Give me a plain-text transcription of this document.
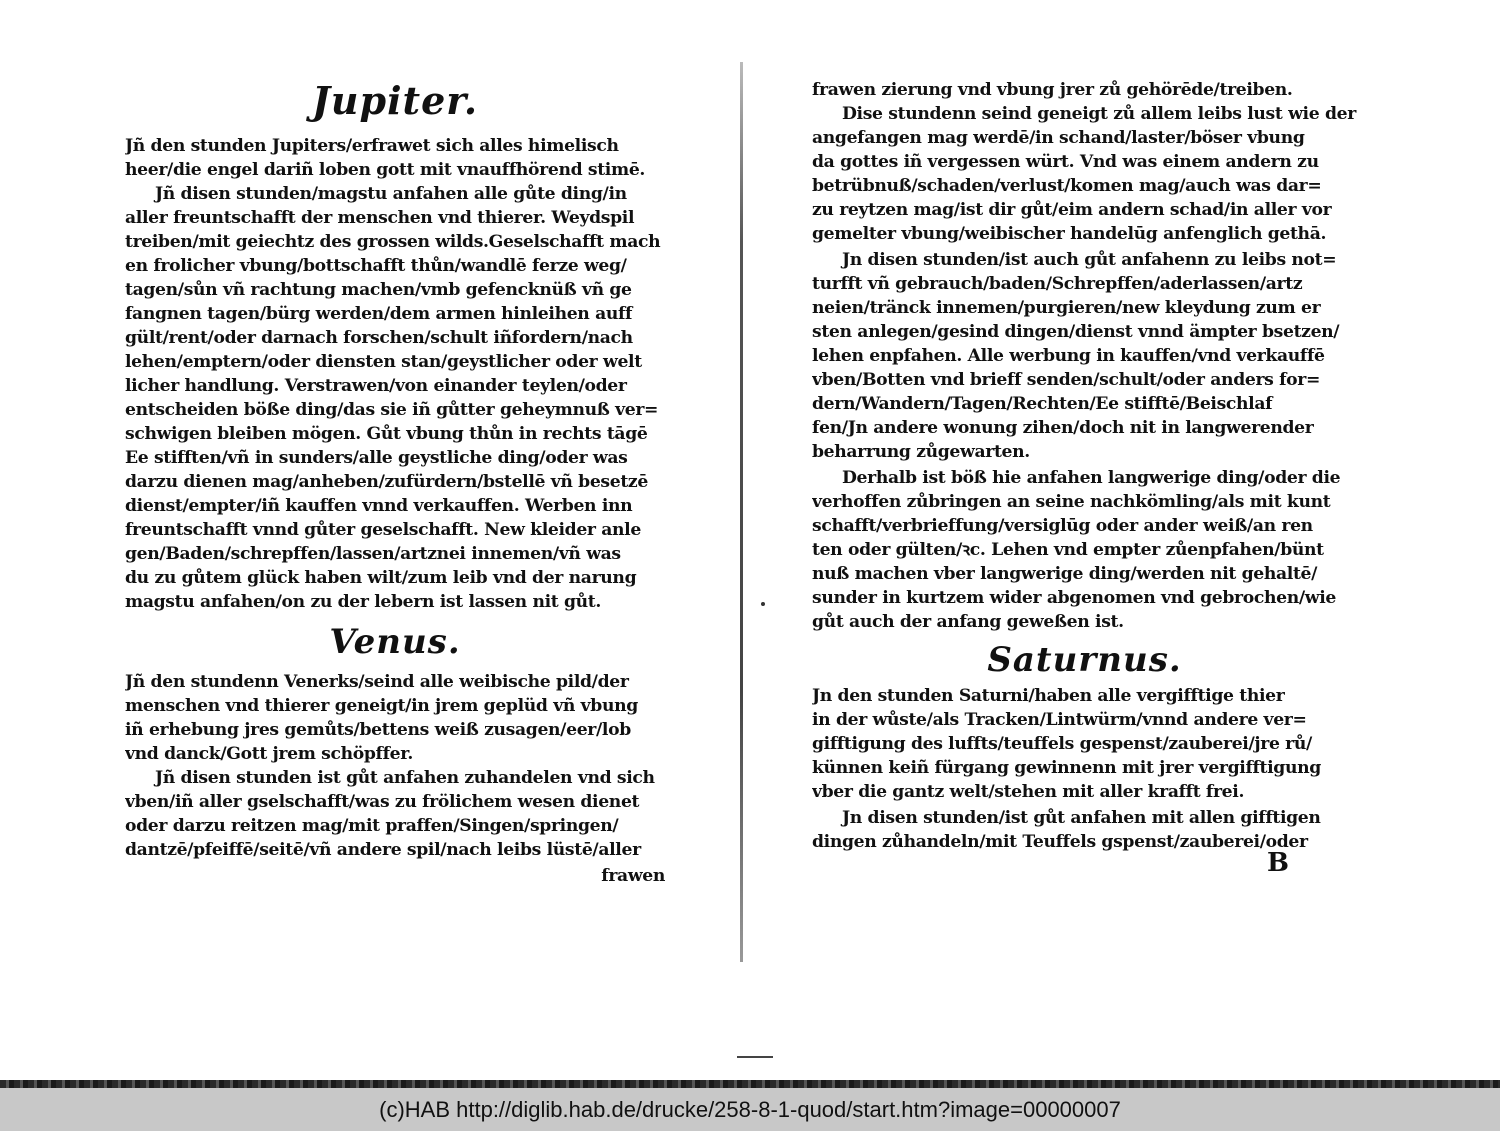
Jupiter.
Jñ den stunden Jupiters/erfrawet sich alles himelisch
heer/die engel dariñ loben gott mit vnauffhörend stimē.
Jñ disen stunden/magstu anfahen alle gůte ding/in
aller freuntschafft der menschen vnd thierer. Weydspil
treiben/mit geiechtz des grossen wilds.Geselschafft mach
en frolicher vbung/bottschafft thůn/wandlē ferze weg/
tagen/sůn vñ rachtung machen/vmb gefencknüß vñ ge
fangnen tagen/bürg werden/dem armen hinleihen auff
gült/rent/oder darnach forschen/schult iñfordern/nach
lehen/emptern/oder diensten stan/geystlicher oder welt
licher handlung. Verstrawen/von einander teylen/oder
entscheiden böße ding/das sie iñ gůtter geheymnuß ver=
schwigen bleiben mögen. Gůt vbung thůn in rechts tāgē
Ee stifften/vñ in sunders/alle geystliche ding/oder was
darzu dienen mag/anheben/zufürdern/bstellē vñ besetzē
dienst/empter/iñ kauffen vnnd verkauffen. Werben inn
freuntschafft vnnd gůter geselschafft. New kleider anle
gen/Baden/schrepffen/lassen/artznei innemen/vñ was
du zu gůtem glück haben wilt/zum leib vnd der narung
magstu anfahen/on zu der lebern ist lassen nit gůt.
Venus.
Jñ den stundenn Venerks/seind alle weibische pild/der
menschen vnd thierer geneigt/in jrem geplüd vñ vbung
iñ erhebung jres gemůts/bettens weiß zusagen/eer/lob
vnd danck/Gott jrem schöpffer.
Jñ disen stunden ist gůt anfahen zuhandelen vnd sich
vben/iñ aller gselschafft/was zu frölichem wesen dienet
oder darzu reitzen mag/mit praffen/Singen/springen/
dantzē/pfeiffē/seitē/vñ andere spil/nach leibs lüstē/aller
frawen
frawen zierung vnd vbung jrer zů gehörēde/treiben.
Dise stundenn seind geneigt zů allem leibs lust wie der
angefangen mag werdē/in schand/laster/böser vbung
da gottes iñ vergessen würt. Vnd was einem andern zu
betrübnuß/schaden/verlust/komen mag/auch was dar=
zu reytzen mag/ist dir gůt/eim andern schad/in aller vor
gemelter vbung/weibischer handelūg anfenglich gethā.
Jn disen stunden/ist auch gůt anfahenn zu leibs not=
turfft vñ gebrauch/baden/Schrepffen/aderlassen/artz
neien/tränck innemen/purgieren/new kleydung zum er
sten anlegen/gesind dingen/dienst vnnd ämpter bsetzen/
lehen enpfahen. Alle werbung in kauffen/vnd verkauffē
vben/Botten vnd brieff senden/schult/oder anders for=
dern/Wandern/Tagen/Rechten/Ee stifftē/Beischlaf
fen/Jn andere wonung zihen/doch nit in langwerender
beharrung zůgewarten.
Derhalb ist böß hie anfahen langwerige ding/oder die
verhoffen zůbringen an seine nachkömling/als mit kunt
schafft/verbrieffung/versiglūg oder ander weiß/an ren
ten oder gülten/ꝛc. Lehen vnd empter zůenpfahen/bünt
nuß machen vber langwerige ding/werden nit gehaltē/
sunder in kurtzem wider abgenomen vnd gebrochen/wie
gůt auch der anfang geweßen ist.
Saturnus.
Jn den stunden Saturni/haben alle vergifftige thier
in der wůste/als Tracken/Lintwürm/vnnd andere ver=
gifftigung des luffts/teuffels gespenst/zauberei/jre rů/
künnen keiñ fürgang gewinnenn mit jrer vergifftigung
vber die gantz welt/stehen mit aller krafft frei.
Jn disen stunden/ist gůt anfahen mit allen gifftigen
dingen zůhandeln/mit Teuffels gspenst/zauberei/oder
B
(c)HAB http://diglib.hab.de/drucke/258-8-1-quod/start.htm?image=00000007
